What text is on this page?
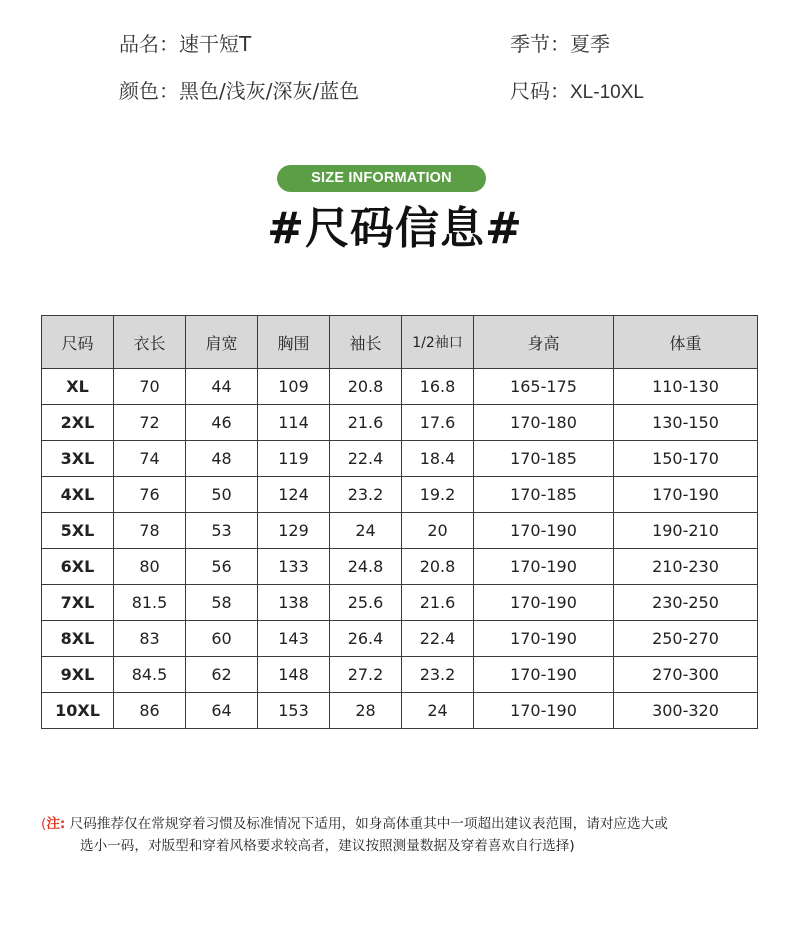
品名：速干短T	季节：夏季
颜色：黑色/浅灰/深灰/蓝色	尺码：XL-10XL
SIZE INFORMATION
#尺码信息#
尺码	衣长	肩宽	胸围	袖长	1/2袖口	身高	体重
XL	70	44	109	20.8	16.8	165-175	110-130
2XL	72	46	114	21.6	17.6	170-180	130-150
3XL	74	48	119	22.4	18.4	170-185	150-170
4XL	76	50	124	23.2	19.2	170-185	170-190
5XL	78	53	129	24	20	170-190	190-210
6XL	80	56	133	24.8	20.8	170-190	210-230
7XL	81.5	58	138	25.6	21.6	170-190	230-250
8XL	83	60	143	26.4	22.4	170-190	250-270
9XL	84.5	62	148	27.2	23.2	170-190	270-300
10XL	86	64	153	28	24	170-190	300-320
(注: 尺码推荐仅在常规穿着习惯及标准情况下适用，如身高体重其中一项超出建议表范围，请对应选大或
选小一码，对版型和穿着风格要求较高者，建议按照测量数据及穿着喜欢自行选择)
